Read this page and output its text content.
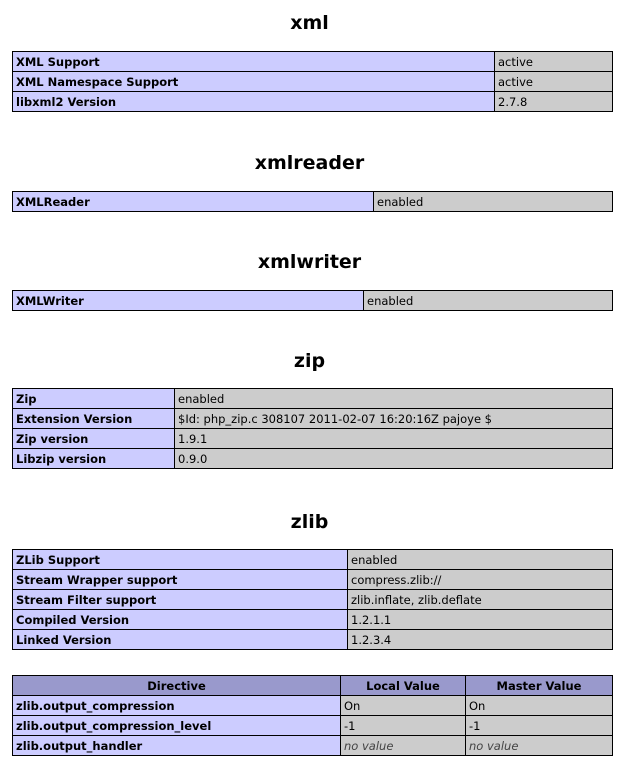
xml
XML Support	active
XML Namespace Support	active
libxml2 Version	2.7.8
xmlreader
XMLReader	enabled
xmlwriter
XMLWriter	enabled
zip
Zip	enabled
Extension Version	$Id: php_zip.c 308107 2011-02-07 16:20:16Z pajoye $
Zip version	1.9.1
Libzip version	0.9.0
zlib
ZLib Support	enabled
Stream Wrapper support	compress.zlib://
Stream Filter support	zlib.inflate, zlib.deflate
Compiled Version	1.2.1.1
Linked Version	1.2.3.4
Directive	Local Value	Master Value
zlib.output_compression	On	On
zlib.output_compression_level	-1	-1
zlib.output_handler	no value	no value
